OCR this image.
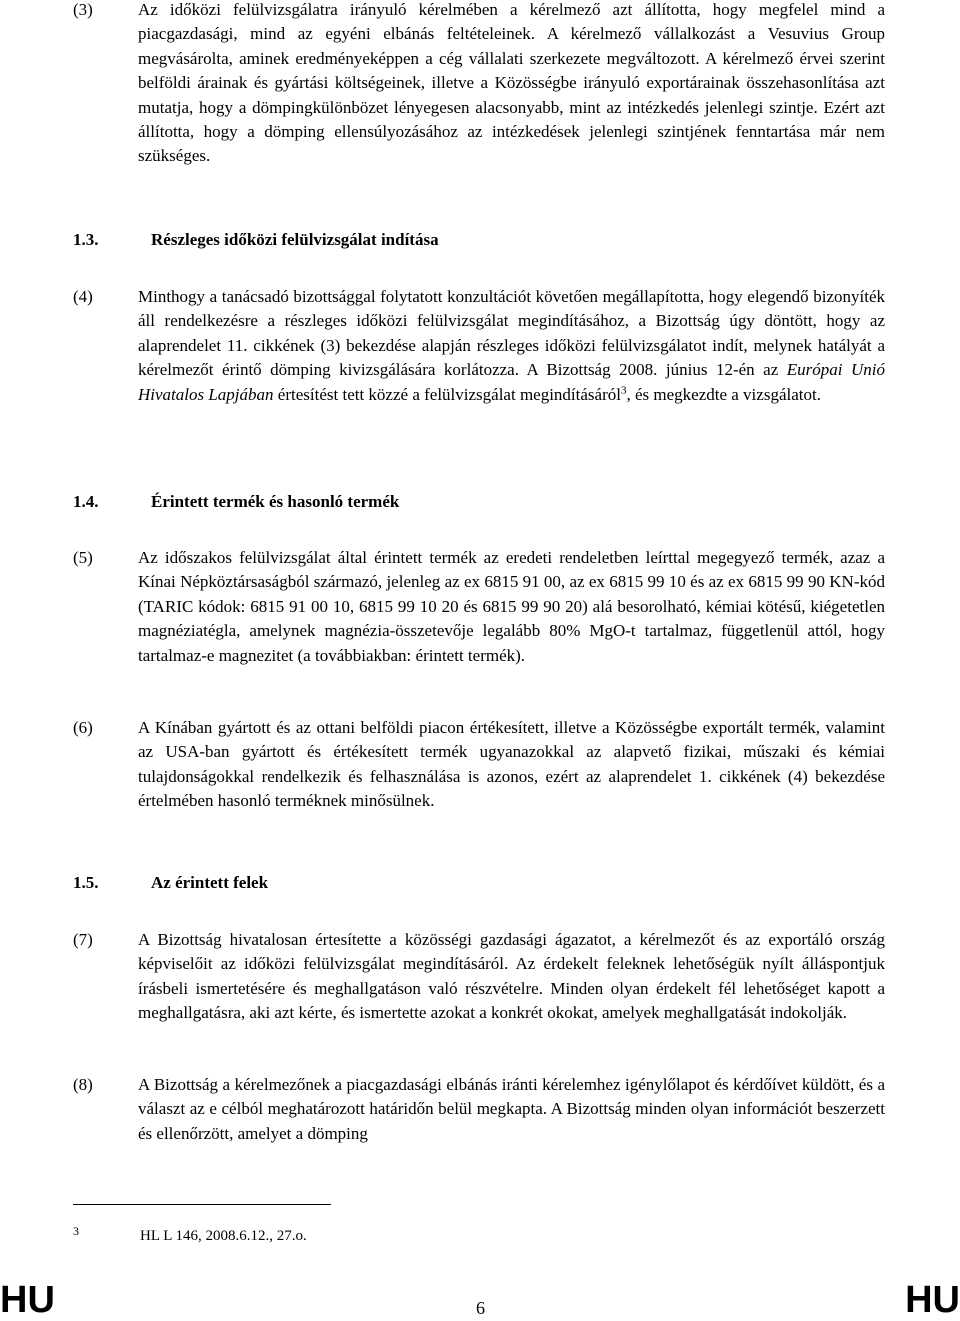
(3)	Az időközi felülvizsgálatra irányuló kérelmében a kérelmező azt állította, hogy megfelel mind a piacgazdasági, mind az egyéni elbánás feltételeinek. A kérelmező vállalkozást a Vesuvius Group megvásárolta, aminek eredményeképpen a cég vállalati szerkezete megváltozott. A kérelmező érvei szerint belföldi árainak és gyártási költségeinek, illetve a Közösségbe irányuló exportárainak összehasonlítása azt mutatja, hogy a dömpingkülönbözet lényegesen alacsonyabb, mint az intézkedés jelenlegi szintje. Ezért azt állította, hogy a dömping ellensúlyozásához az intézkedések jelenlegi szintjének fenntartása már nem szükséges.
1.3.	Részleges időközi felülvizsgálat indítása
(4)	Minthogy a tanácsadó bizottsággal folytatott konzultációt követően megállapította, hogy elegendő bizonyíték áll rendelkezésre a részleges időközi felülvizsgálat megindításához, a Bizottság úgy döntött, hogy az alaprendelet 11. cikkének (3) bekezdése alapján részleges időközi felülvizsgálatot indít, melynek hatályát a kérelmezőt érintő dömping kivizsgálására korlátozza. A Bizottság 2008. június 12-én az Európai Unió Hivatalos Lapjában értesítést tett közzé a felülvizsgálat megindításáról$^3$, és megkezdte a vizsgálatot.
1.4.	Érintett termék és hasonló termék
(5)	Az időszakos felülvizsgálat által érintett termék az eredeti rendeletben leírttal megegyező termék, azaz a Kínai Népköztársaságból származó, jelenleg az ex 6815 91 00, az ex 6815 99 10 és az ex 6815 99 90 KN-kód (TARIC kódok: 6815 91 00 10, 6815 99 10 20 és 6815 99 90 20) alá besorolható, kémiai kötésű, kiégetetlen magnéziatégla, amelynek magnézia-összetevője legalább 80% MgO-t tartalmaz, függetlenül attól, hogy tartalmaz-e magnezitet (a továbbiakban: érintett termék).
(6)	A Kínában gyártott és az ottani belföldi piacon értékesített, illetve a Közösségbe exportált termék, valamint az USA-ban gyártott és értékesített termék ugyanazokkal az alapvető fizikai, műszaki és kémiai tulajdonságokkal rendelkezik és felhasználása is azonos, ezért az alaprendelet 1. cikkének (4) bekezdése értelmében hasonló terméknek minősülnek.
1.5.	Az érintett felek
(7)	A Bizottság hivatalosan értesítette a közösségi gazdasági ágazatot, a kérelmezőt és az exportáló ország képviselőit az időközi felülvizsgálat megindításáról. Az érdekelt feleknek lehetőségük nyílt álláspontjuk írásbeli ismertetésére és meghallgatáson való részvételre. Minden olyan érdekelt fél lehetőséget kapott a meghallgatásra, aki azt kérte, és ismertette azokat a konkrét okokat, amelyek meghallgatását indokolják.
(8)	A Bizottság a kérelmezőnek a piacgazdasági elbánás iránti kérelemhez igénylőlapot és kérdőívet küldött, és a választ az e célból meghatározott határidőn belül megkapta. A Bizottság minden olyan információt beszerzett és ellenőrzött, amelyet a dömping
3	HL L 146, 2008.6.12., 27.o.
HU	6	HU
